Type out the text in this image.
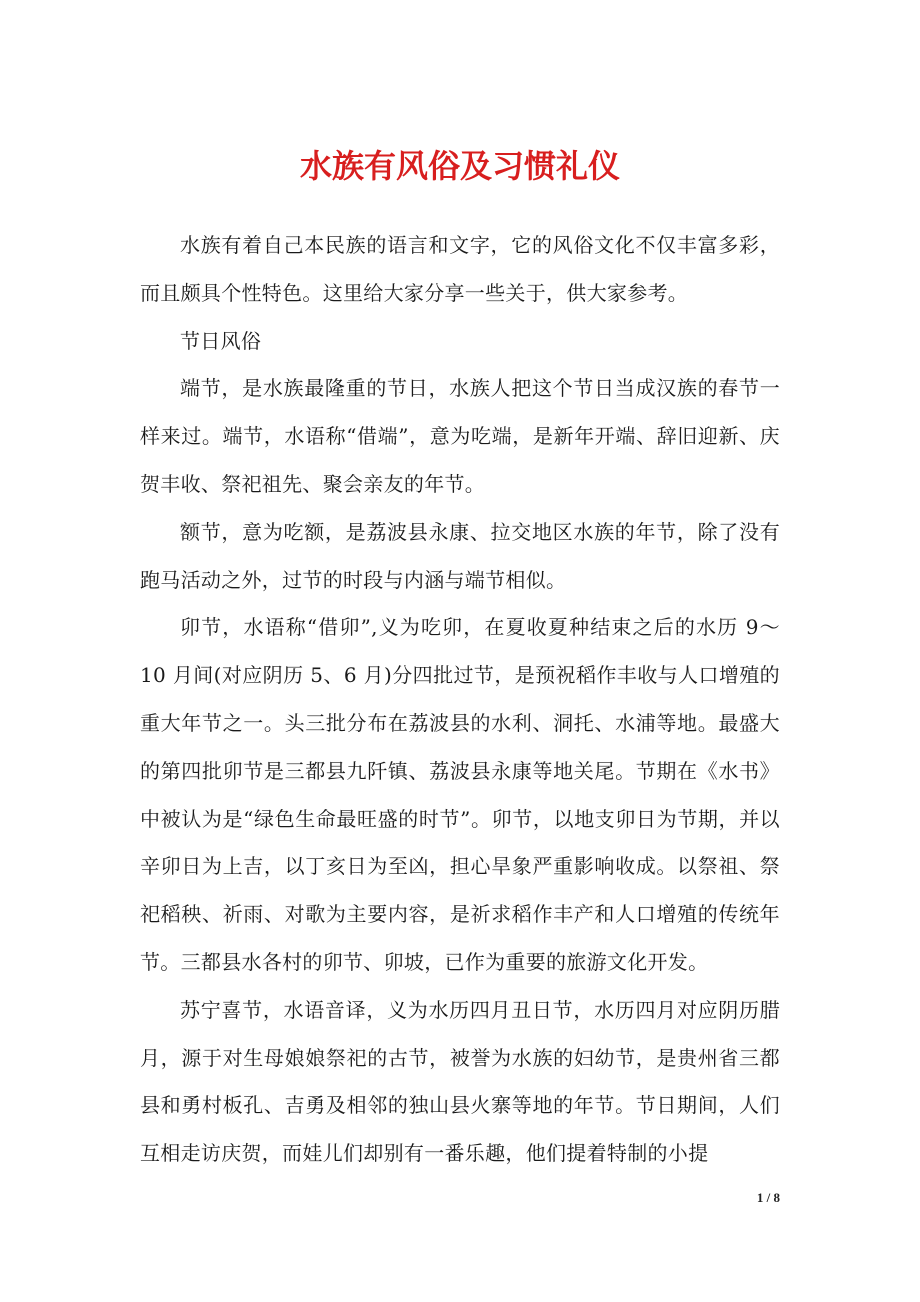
水族有风俗及习惯礼仪

水族有着自己本民族的语言和文字，它的风俗文化不仅丰富多彩，而且颇具个性特色。这里给大家分享一些关于，供大家参考。

节日风俗

端节，是水族最隆重的节日，水族人把这个节日当成汉族的春节一样来过。端节，水语称“借端”，意为吃端，是新年开端、辞旧迎新、庆贺丰收、祭祀祖先、聚会亲友的年节。

额节，意为吃额，是荔波县永康、拉交地区水族的年节，除了没有跑马活动之外，过节的时段与内涵与端节相似。

卯节，水语称“借卯”,义为吃卯，在夏收夏种结束之后的水历 9～10 月间(对应阴历 5、6 月)分四批过节，是预祝稻作丰收与人口增殖的重大年节之一。头三批分布在荔波县的水利、洞托、水浦等地。最盛大的第四批卯节是三都县九阡镇、荔波县永康等地关尾。节期在《水书》中被认为是“绿色生命最旺盛的时节”。卯节，以地支卯日为节期，并以辛卯日为上吉，以丁亥日为至凶，担心旱象严重影响收成。以祭祖、祭祀稻秧、祈雨、对歌为主要内容，是祈求稻作丰产和人口增殖的传统年节。三都县水各村的卯节、卯坡，已作为重要的旅游文化开发。

苏宁喜节，水语音译，义为水历四月丑日节，水历四月对应阴历腊月，源于对生母娘娘祭祀的古节，被誉为水族的妇幼节，是贵州省三都县和勇村板孔、吉勇及相邻的独山县火寨等地的年节。节日期间，人们互相走访庆贺，而娃儿们却别有一番乐趣，他们提着特制的小提

1 / 8
